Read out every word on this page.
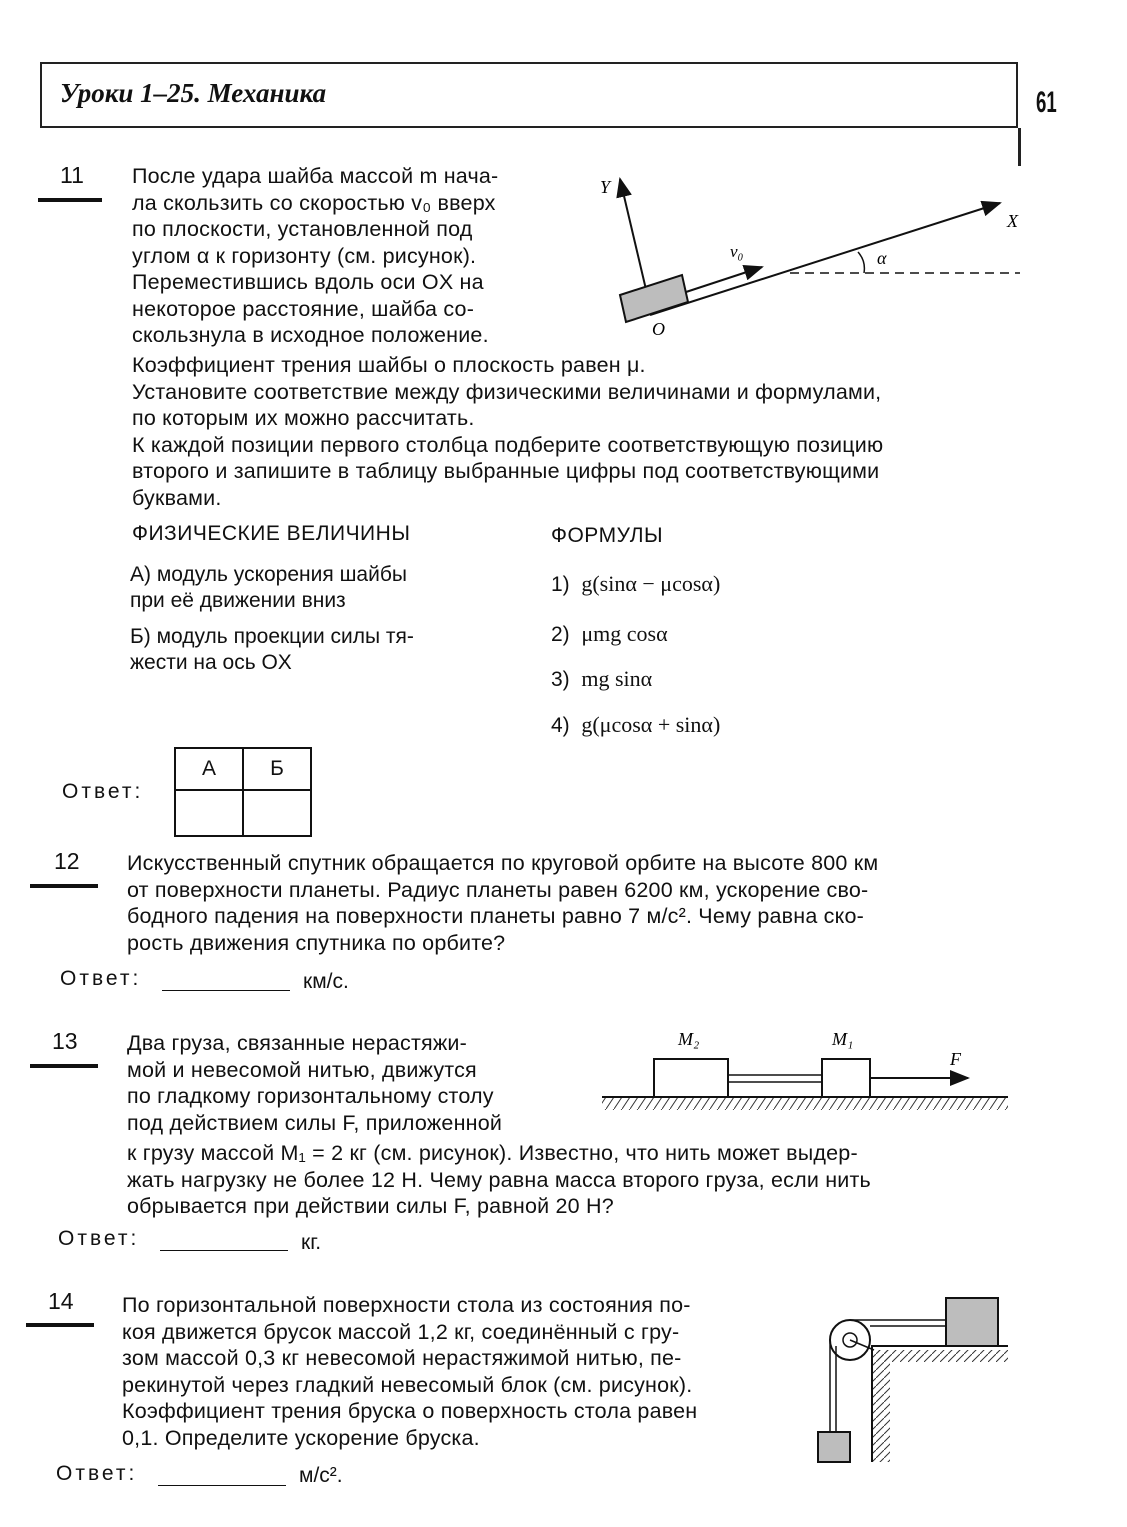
Уроки 1–25. Механика	61
11 После удара шайба массой m нача-

ла скользить со скоростью v₀ вверх

по плоскости, установленной под

углом α к горизонту (см. рисунок).

Переместившись вдоль оси OX на

некоторое расстояние, шайба со-

скользнула в исходное положение.

Коэффициент трения шайбы о плоскость равен μ.

Установите соответствие между физическими величинами и формулами,

по которым их можно рассчитать.

К каждой позиции первого столбца подберите соответствующую позицию

второго и запишите в таблицу выбранные цифры под соответствующими

буквами.

Y
X
O
v₀	α
ФИЗИЧЕСКИЕ ВЕЛИЧИНЫ	ФОРМУЛЫ
А) модуль ускорения шайбы
при её движении вниз
Б) модуль проекции силы тя-
жести на ось OX
1) g(sinα − μcosα)
2) μmg cosα
3) mg sinα
4) g(μcosα + sinα)
Ответ:
А	Б

12 Искусственный спутник обращается по круговой орбите на высоте 800 км

от поверхности планеты. Радиус планеты равен 6200 км, ускорение сво-

бодного падения на поверхности планеты равно 7 м/с². Чему равна ско-

рость движения спутника по орбите?

Ответ:	км/с.
13 Два груза, связанные нерастяжи-

мой и невесомой нитью, движутся

по гладкому горизонтальному столу

под действием силы F, приложенной

к грузу массой M₁ = 2 кг (см. рисунок). Известно, что нить может выдер-

жать нагрузку не более 12 Н. Чему равна масса второго груза, если нить

обрывается при действии силы F, равной 20 Н?

M₂	M₁
F
Ответ:	кг.
14 По горизонтальной поверхности стола из состояния по-

коя движется брусок массой 1,2 кг, соединённый с гру-

зом массой 0,3 кг невесомой нерастяжимой нитью, пе-

рекинутой через гладкий невесомый блок (см. рисунок).

Коэффициент трения бруска о поверхность стола равен

0,1. Определите ускорение бруска.

Ответ:	м/с².
